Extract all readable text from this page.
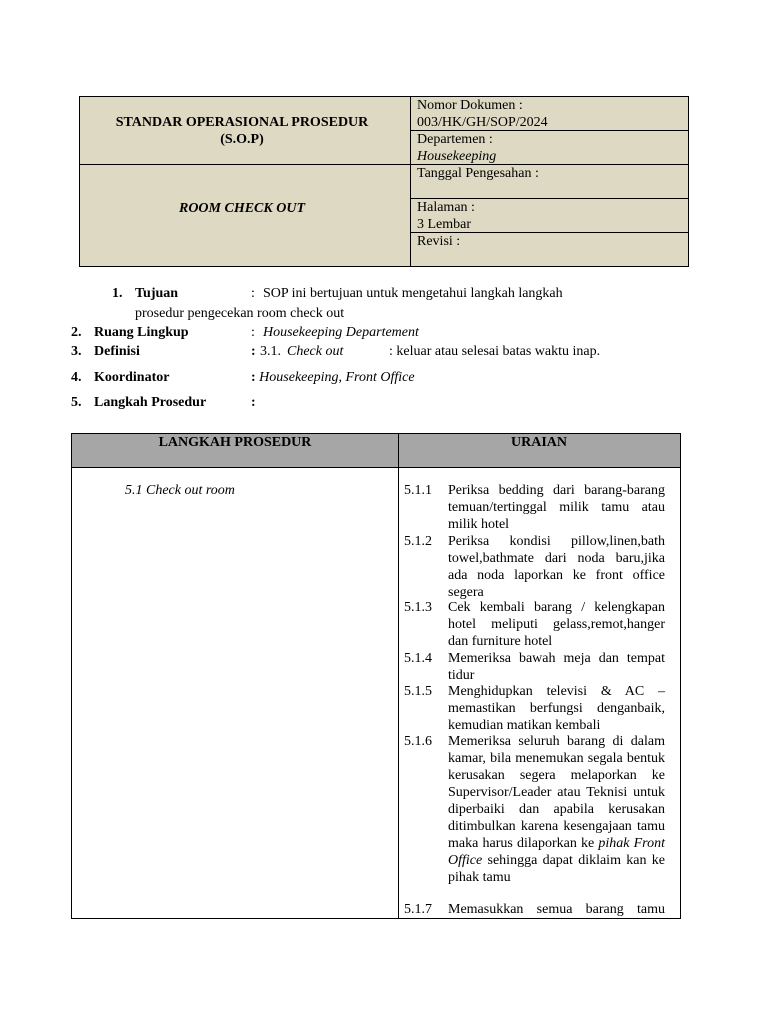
STANDAR OPERASIONAL PROSEDUR
(S.O.P)
ROOM CHECK OUT
Nomor Dokumen :
003/HK/GH/SOP/2024
Departemen :
Housekeeping
Tanggal Pengesahan :
Halaman :
3 Lembar
Revisi :
1. Tujuan	: SOP ini bertujuan untuk mengetahui langkah langkah
prosedur pengecekan room check out
2. Ruang Lingkup	: Housekeeping Departement
3. Definisi	: 3.1. Check out	: keluar atau selesai batas waktu inap.
4. Koordinator	: Housekeeping, Front Office
5. Langkah Prosedur	:
LANGKAH PROSEDUR	URAIAN
5.1 Check out room	5.1.1	Periksa bedding dari barang-barang temuan/tertinggal milik tamu atau milik hotel
5.1.2	Periksa kondisi pillow,linen,bath towel,bathmate dari noda baru,jika ada noda laporkan ke front office segera
5.1.3	Cek kembali barang / kelengkapan hotel meliputi gelass,remot,hanger dan furniture hotel
5.1.4	Memeriksa bawah meja dan tempat tidur
5.1.5	Menghidupkan televisi & AC – memastikan berfungsi denganbaik, kemudian matikan kembali
5.1.6	Memeriksa seluruh barang di dalam kamar, bila menemukan segala bentuk kerusakan segera melaporkan ke Supervisor/Leader atau Teknisi untuk diperbaiki dan apabila kerusakan ditimbulkan karena kesengajaan tamu maka harus dilaporkan ke pihak Front Office sehingga dapat diklaim kan ke pihak tamu
5.1.7	Memasukkan semua barang tamu
